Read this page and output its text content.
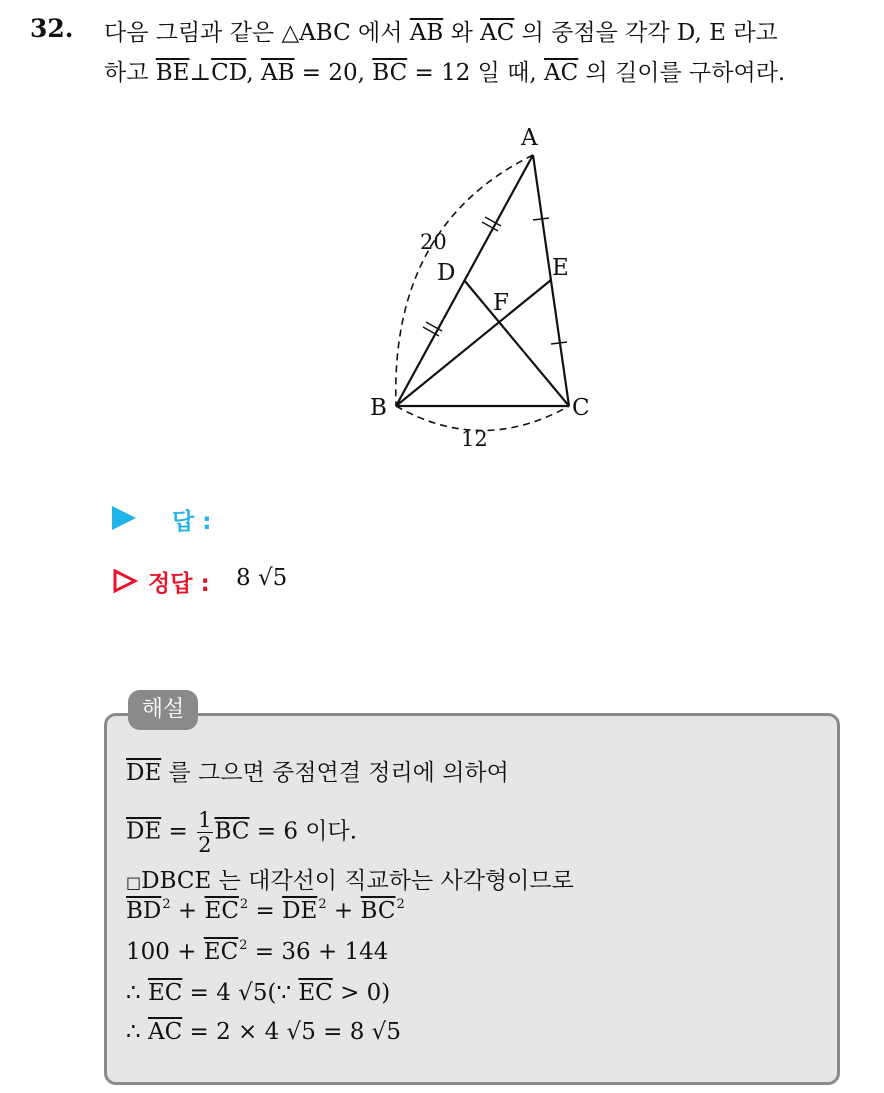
32. 다음 그림과 같은 △ABC 에서 $\overline{AB}$ 와 $\overline{AC}$ 의 중점을 각각 D, E 라고
하고 $\overline{BE}\perp\overline{CD}$, $\overline{AB} = 20$, $\overline{BC} = 12$ 일 때, $\overline{AC}$ 의 길이를 구하여라.
A
B	C
D	E
F
20
12
답 :
정답 : 8 √5
해설
$\overline{DE}$ 를 그으면 중점연결 정리에 의하여
$\overline{DE} = \frac{1}{2} \overline{BC} = 6$ 이다.
□DBCE 는 대각선이 직교하는 사각형이므로
$\overline{BD}^2 + \overline{EC}^2 = \overline{DE}^2 + \overline{BC}^2$
$100 + \overline{EC}^2 = 36 + 144$
∴ $\overline{EC} = 4$ √5(∵ $\overline{EC} > 0$)
∴ $\overline{AC} = 2 \times 4$ √5 = 8 √5
